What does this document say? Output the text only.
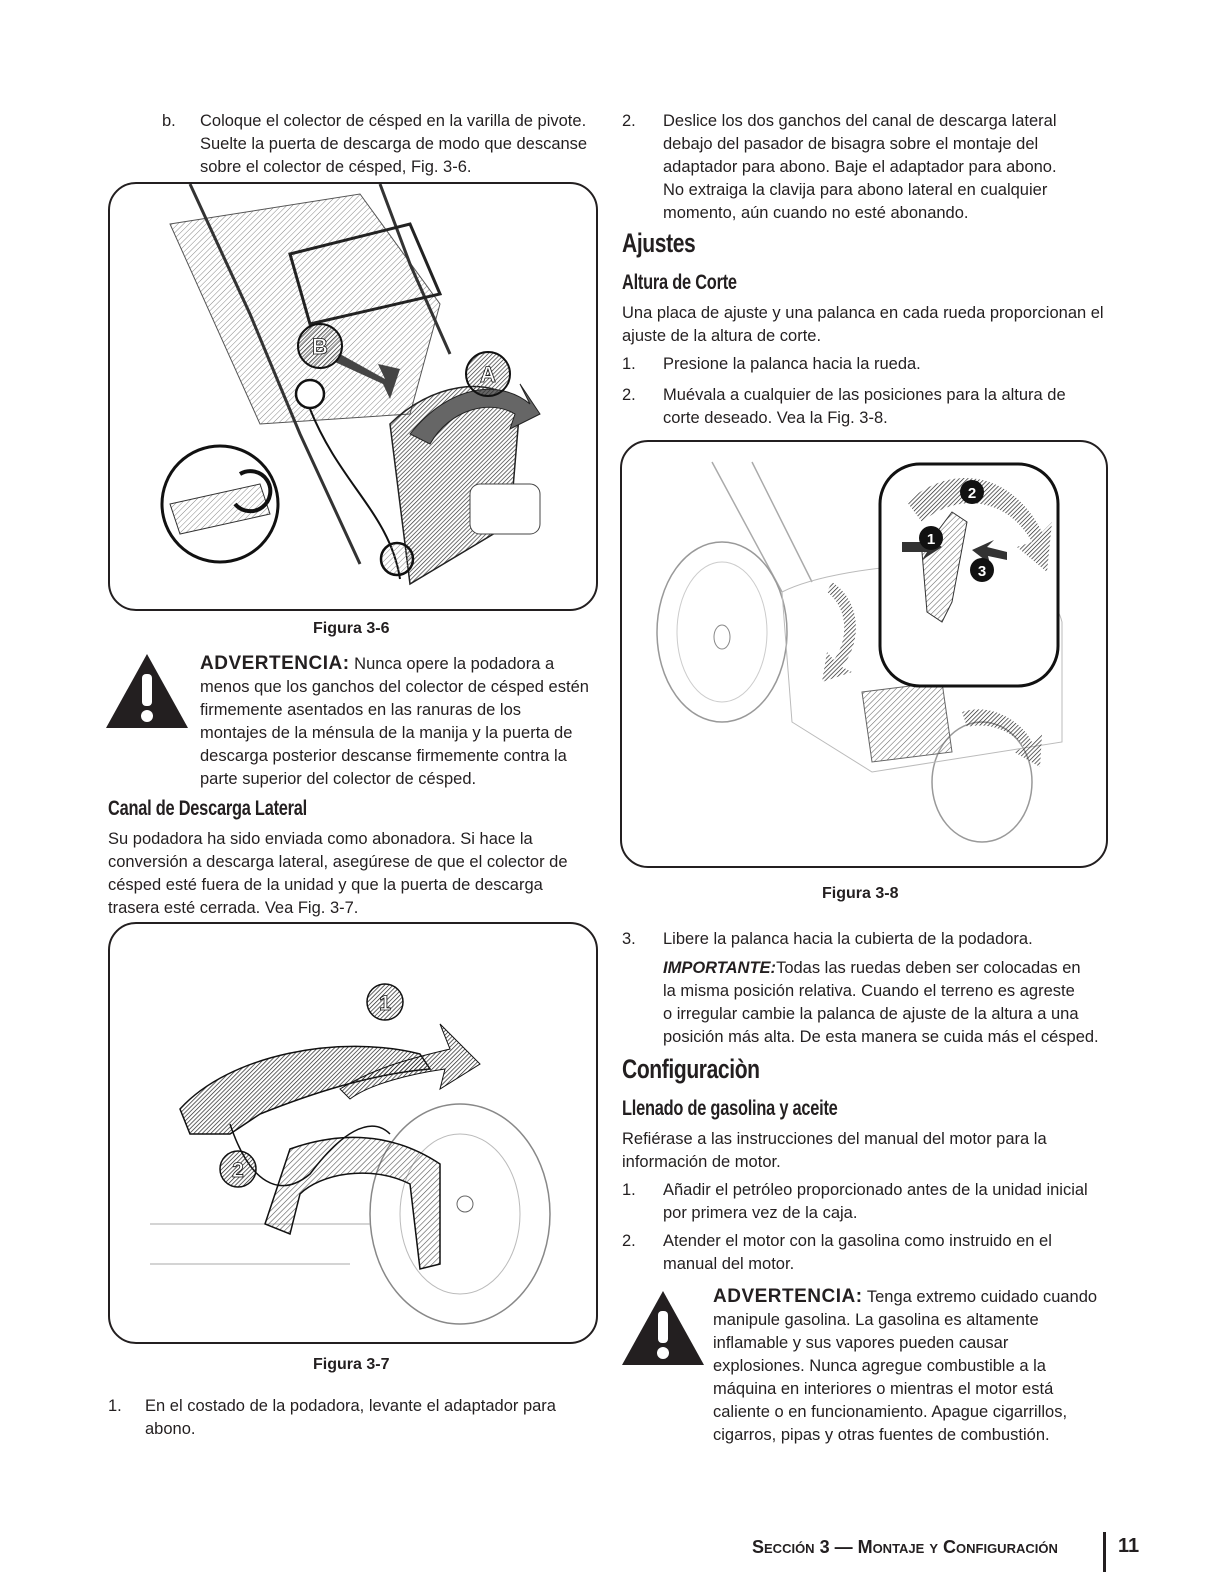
b. Coloque el colector de césped en la varilla de pivote.

Suelte la puerta de descarga de modo que descanse

sobre el colector de césped, Fig. 3-6.

B
A
Figura 3-6
ADVERTENCIA: Nunca opere la podadora a
menos que los ganchos del colector de césped estén
firmemente asentados en las ranuras de los
montajes de la ménsula de la manija y la puerta de
descarga posterior descanse firmemente contra la
parte superior del colector de césped.
Canal de Descarga Lateral

Su podadora ha sido enviada como abonadora. Si hace la

conversión a descarga lateral, asegúrese de que el colector de

césped esté fuera de la unidad y que la puerta de descarga

trasera esté cerrada. Vea Fig. 3-7.

1
2
Figura 3-7
1. En el costado de la podadora, levante el adaptador para

abono.

2. Deslice los dos ganchos del canal de descarga lateral

debajo del pasador de bisagra sobre el montaje del

adaptador para abono. Baje el adaptador para abono.

No extraiga la clavija para abono lateral en cualquier

momento, aún cuando no esté abonando.

Ajustes
Altura de Corte

Una placa de ajuste y una palanca en cada rueda proporcionan el

ajuste de la altura de corte.

1. Presione la palanca hacia la rueda.

2. Muévala a cualquier de las posiciones para la altura de

corte deseado. Vea la Fig. 3-8.

1
2
3
Figura 3-8
3. Libere la palanca hacia la cubierta de la podadora.

IMPORTANTE:Todas las ruedas deben ser colocadas en

la misma posición relativa. Cuando el terreno es agreste

o irregular cambie la palanca de ajuste de la altura a una

posición más alta. De esta manera se cuida más el césped.

Configuraciòn
Llenado de gasolina y aceite

Refiérase a las instrucciones del manual del motor para la

información de motor.

1. Añadir el petróleo proporcionado antes de la unidad inicial

por primera vez de la caja.

2. Atender el motor con la gasolina como instruido en el

manual del motor.

ADVERTENCIA: Tenga extremo cuidado cuando
manipule gasolina. La gasolina es altamente
inflamable y sus vapores pueden causar
explosiones. Nunca agregue combustible a la
máquina en interiores o mientras el motor está
caliente o en funcionamiento. Apague cigarrillos,
cigarros, pipas y otras fuentes de combustión.
Sección 3 — Montaje y Configuración	11
